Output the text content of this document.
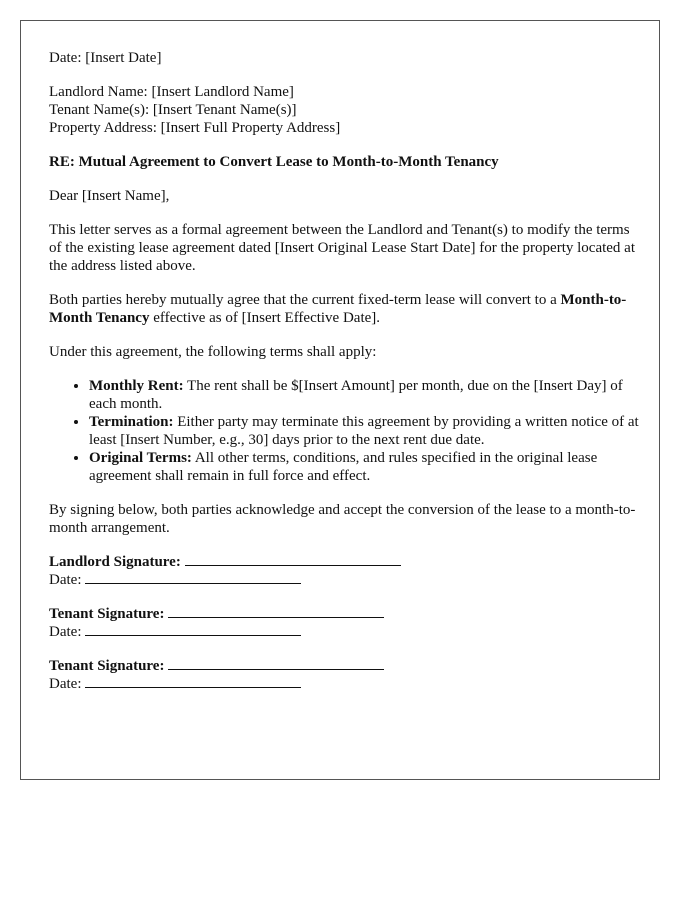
Date: [Insert Date]

Landlord Name: [Insert Landlord Name]

Tenant Name(s): [Insert Tenant Name(s)]

Property Address: [Insert Full Property Address]

RE: Mutual Agreement to Convert Lease to Month-to-Month Tenancy

Dear [Insert Name],

This letter serves as a formal agreement between the Landlord and Tenant(s) to modify the terms of the existing lease agreement dated [Insert Original Lease Start Date] for the property located at the address listed above.

Both parties hereby mutually agree that the current fixed-term lease will convert to a Month-to-Month Tenancy effective as of [Insert Effective Date].

Under this agreement, the following terms shall apply:

• Monthly Rent: The rent shall be $[Insert Amount] per month, due on the [Insert Day] of each month.
• Termination: Either party may terminate this agreement by providing a written notice of at least [Insert Number, e.g., 30] days prior to the next rent due date.
• Original Terms: All other terms, conditions, and rules specified in the original lease agreement shall remain in full force and effect.

By signing below, both parties acknowledge and accept the conversion of the lease to a month-to-month arrangement.

Landlord Signature:
Date:
Tenant Signature:
Date:
Tenant Signature:
Date:
